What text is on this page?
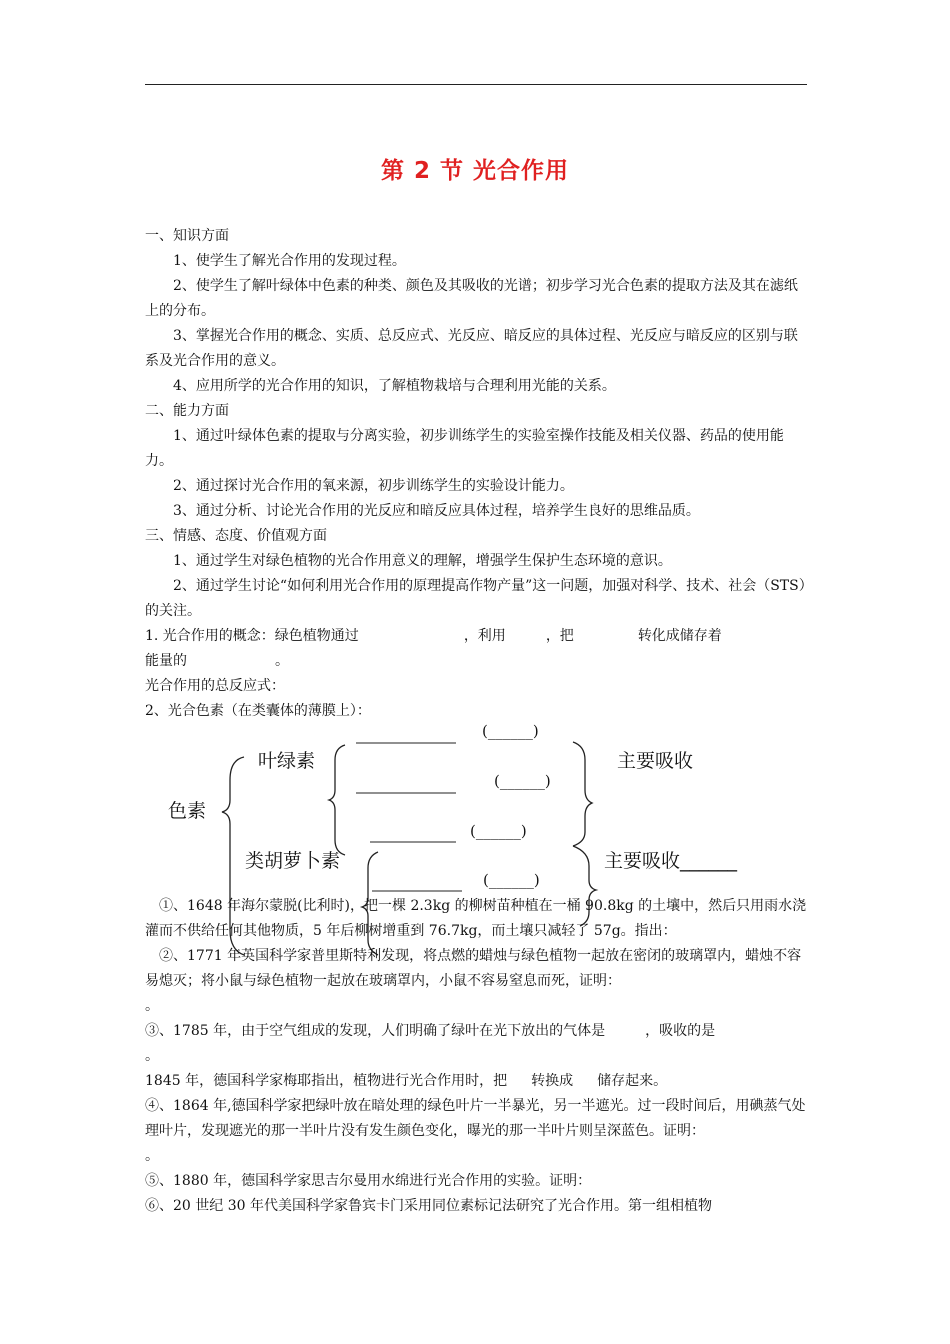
第 2 节 光合作用

一、知识方面

1、使学生了解光合作用的发现过程。

2、使学生了解叶绿体中色素的种类、颜色及其吸收的光谱；初步学习光合色素的提取方法及其在滤纸上的分布。

3、掌握光合作用的概念、实质、总反应式、光反应、暗反应的具体过程、光反应与暗反应的区别与联系及光合作用的意义。

4、应用所学的光合作用的知识，了解植物栽培与合理利用光能的关系。

二、能力方面

1、通过叶绿体色素的提取与分离实验，初步训练学生的实验室操作技能及相关仪器、药品的使用能力。

2、通过探讨光合作用的氧来源，初步训练学生的实验设计能力。

3、通过分析、讨论光合作用的光反应和暗反应具体过程，培养学生良好的思维品质。

三、情感、态度、价值观方面

1、通过学生对绿色植物的光合作用意义的理解，增强学生保护生态环境的意识。

2、通过学生讨论“如何利用光合作用的原理提高作物产量”这一问题，加强对科学、技术、社会（STS）的关注。

1. 光合作用的概念：绿色植物通过	，利用	，把	转化成储存着

能量的	。

光合作用的总反应式：

2、光合色素（在类囊体的薄膜上）：

色素
叶绿素
类胡萝卜素
主要吸收
主要吸收______
(______)
(______)
(______)
(______)

①、1648 年海尔蒙脱(比利时)，把一棵 2.3kg 的柳树苗种植在一桶 90.8kg 的土壤中，然后只用雨水浇灌而不供给任何其他物质，5 年后柳树增重到 76.7kg，而土壤只减轻了 57g。指出：

②、1771 年英国科学家普里斯特利发现，将点燃的蜡烛与绿色植物一起放在密闭的玻璃罩内，蜡烛不容易熄灭；将小鼠与绿色植物一起放在玻璃罩内，小鼠不容易窒息而死，证明：

。

③、1785 年，由于空气组成的发现，人们明确了绿叶在光下放出的气体是	，吸收的是

。

1845 年，德国科学家梅耶指出，植物进行光合作用时，把 转换成 储存起来。

④、1864 年,德国科学家把绿叶放在暗处理的绿色叶片一半暴光，另一半遮光。过一段时间后，用碘蒸气处理叶片，发现遮光的那一半叶片没有发生颜色变化，曝光的那一半叶片则呈深蓝色。证明：。

⑤、1880 年，德国科学家思吉尔曼用水绵进行光合作用的实验。证明：

⑥、20 世纪 30 年代美国科学家鲁宾卡门采用同位素标记法研究了光合作用。第一组相植物
